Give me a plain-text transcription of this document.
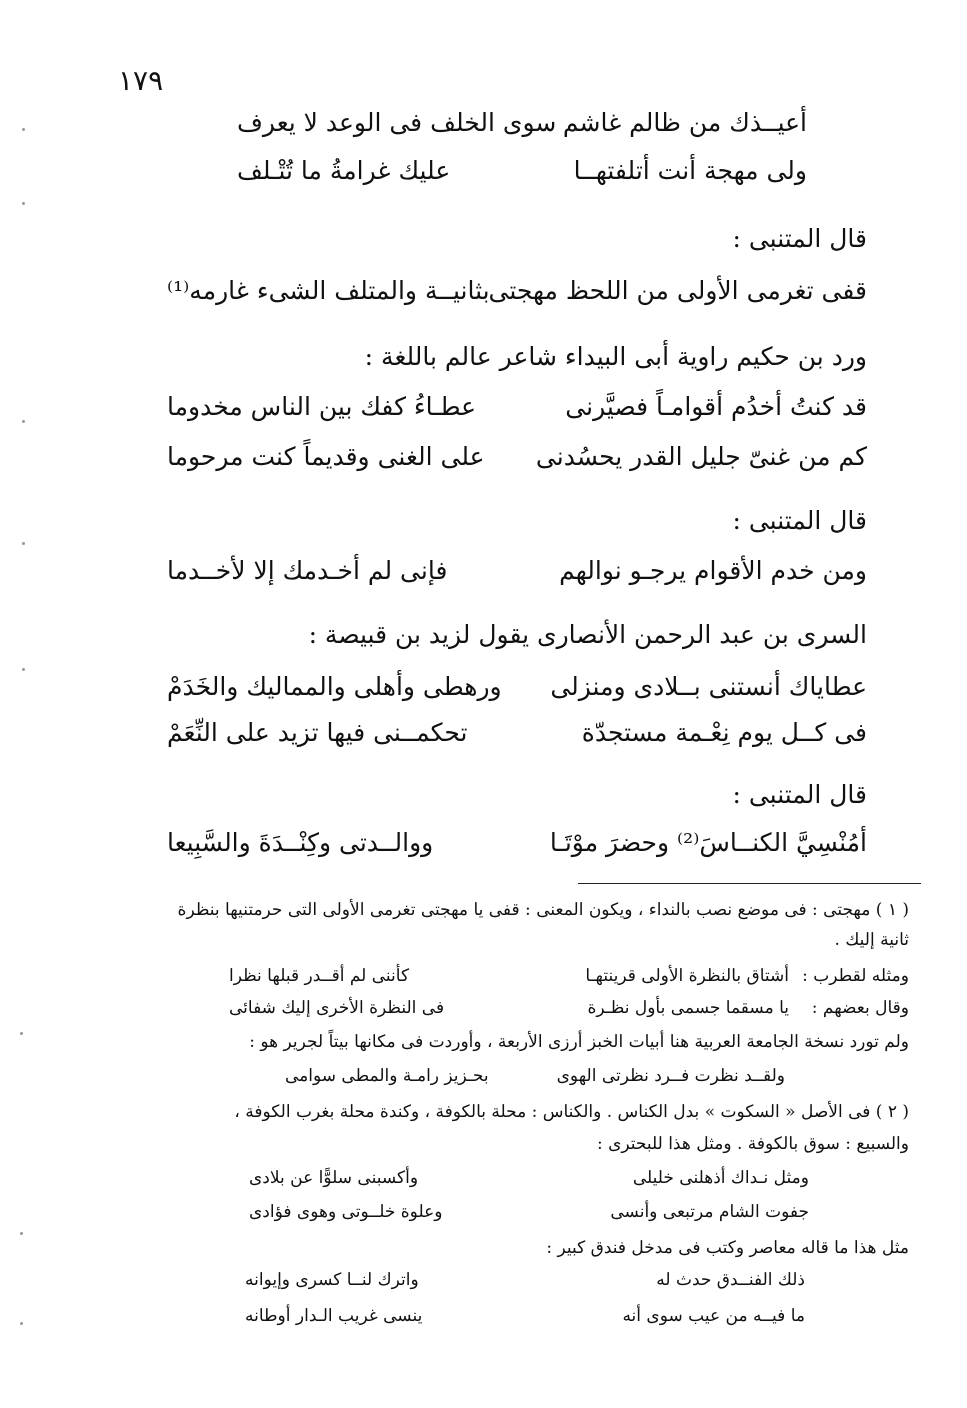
١٧٩
أعيــذك من ظالم غاشم
سوى الخلف فى الوعد لا يعرف
ولى مهجة أنت أتلفتهــا
عليك غرامةُ ما تُتْـلف
قال المتنبى :
قفى تغرمى الأولى من اللحظ مهجتى
بثانيــة والمتلف الشىء غارمه⁽¹⁾
ورد بن حكيم راوية أبى البيداء شاعر عالم باللغة :
قد كنتُ أخدُم أقوامـاً فصيَّرنى
عطـاءُ كفك بين الناس مخدوما
كم من غنىّ جليل القدر يحسُدنى
على الغنى وقديماً كنت مرحوما
قال المتنبى :
ومن خدم الأقوام يرجـو نوالهم
فإنى لم أخـدمك إلا لأخــدما
السرى بن عبد الرحمن الأنصارى يقول لزيد بن قبيصة :
عطاياك أنستنى بــلادى ومنزلى
ورهطى وأهلى والمماليك والخَدَمْ
فى كــل يوم نِعْـمة مستجدّة
تحكمــنى فيها تزيد على النِّعَمْ
قال المتنبى :
أمُنْسِيَّ الكنــاسَ⁽²⁾ وحضرَ موْتَـا
ووالــدتى وكِنْــدَةَ والسَّبِيعا
( ١ ) مهجتى : فى موضع نصب بالنداء ، ويكون المعنى : قفى يا مهجتى تغرمى الأولى التى حرمتنيها بنظرة
ثانية إليك .
ومثله لقطرب :
أشتاق بالنظرة الأولى قرينتهـا
كأننى لم أقــدر قبلها نظرا
وقال بعضهم :
يا مسقما جسمى بأول نظـرة
فى النظرة الأخرى إليك شفائى
ولم تورد نسخة الجامعة العربية هنا أبيات الخبز أرزى الأربعة ، وأوردت فى مكانها بيتاً لجرير هو :
ولقــد نظرت فــرد نظرتى الهوى
بحـزيز رامـة والمطى سوامى
( ٢ ) فى الأصل « السكوت » بدل الكناس . والكناس : محلة بالكوفة ، وكندة محلة بغرب الكوفة ،
والسبيع : سوق بالكوفة . ومثل هذا للبحترى :
ومثل نـداك أذهلنى خليلى
وأكسبنى سلوًّا عن بلادى
جفوت الشام مرتبعى وأنسى
وعلوة خلــوتى وهوى فؤادى
مثل هذا ما قاله معاصر وكتب فى مدخل فندق كبير :
ذلك الفنــدق حدث له
واترك لنــا كسرى وإيوانه
ما فيــه من عيب سوى أنه
ينسى غريب الـدار أوطانه
